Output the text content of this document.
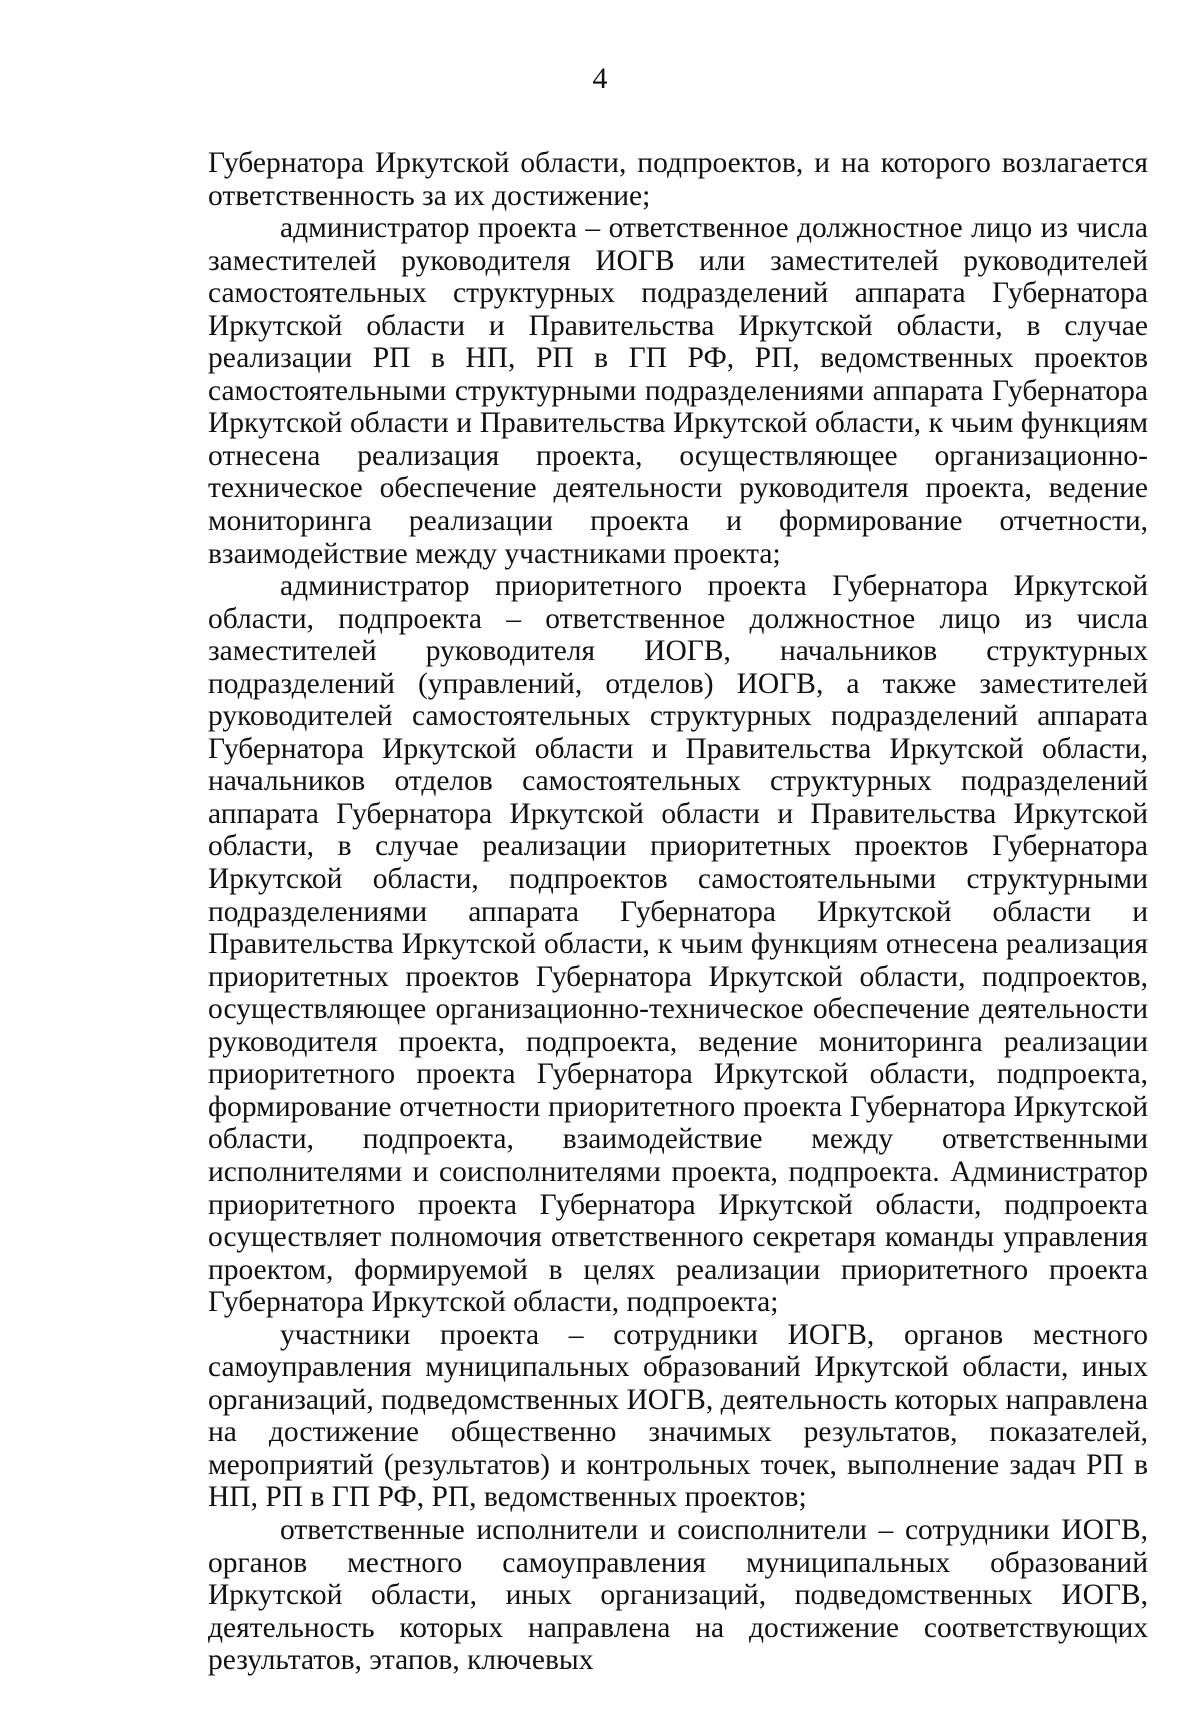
4

Губернатора Иркутской области, подпроектов, и на которого возлагается ответственность за их достижение;

администратор проекта – ответственное должностное лицо из числа заместителей руководителя ИОГВ или заместителей руководителей самостоятельных структурных подразделений аппарата Губернатора Иркутской области и Правительства Иркутской области, в случае реализации РП в НП, РП в ГП РФ, РП, ведомственных проектов самостоятельными структурными подразделениями аппарата Губернатора Иркутской области и Правительства Иркутской области, к чьим функциям отнесена реализация проекта, осуществляющее организационно-техническое обеспечение деятельности руководителя проекта, ведение мониторинга реализации проекта и формирование отчетности, взаимодействие между участниками проекта;

администратор приоритетного проекта Губернатора Иркутской области, подпроекта – ответственное должностное лицо из числа заместителей руководителя ИОГВ, начальников структурных подразделений (управлений, отделов) ИОГВ, а также заместителей руководителей самостоятельных структурных подразделений аппарата Губернатора Иркутской области и Правительства Иркутской области, начальников отделов самостоятельных структурных подразделений аппарата Губернатора Иркутской области и Правительства Иркутской области, в случае реализации приоритетных проектов Губернатора Иркутской области, подпроектов самостоятельными структурными подразделениями аппарата Губернатора Иркутской области и Правительства Иркутской области, к чьим функциям отнесена реализация приоритетных проектов Губернатора Иркутской области, подпроектов, осуществляющее организационно-техническое обеспечение деятельности руководителя проекта, подпроекта, ведение мониторинга реализации приоритетного проекта Губернатора Иркутской области, подпроекта, формирование отчетности приоритетного проекта Губернатора Иркутской области, подпроекта, взаимодействие между ответственными исполнителями и соисполнителями проекта, подпроекта. Администратор приоритетного проекта Губернатора Иркутской области, подпроекта осуществляет полномочия ответственного секретаря команды управления проектом, формируемой в целях реализации приоритетного проекта Губернатора Иркутской области, подпроекта;

участники проекта – сотрудники ИОГВ, органов местного самоуправления муниципальных образований Иркутской области, иных организаций, подведомственных ИОГВ, деятельность которых направлена на достижение общественно значимых результатов, показателей, мероприятий (результатов) и контрольных точек, выполнение задач РП в НП, РП в ГП РФ, РП, ведомственных проектов;

ответственные исполнители и соисполнители – сотрудники ИОГВ, органов местного самоуправления муниципальных образований Иркутской области, иных организаций, подведомственных ИОГВ, деятельность которых направлена на достижение соответствующих результатов, этапов, ключевых
